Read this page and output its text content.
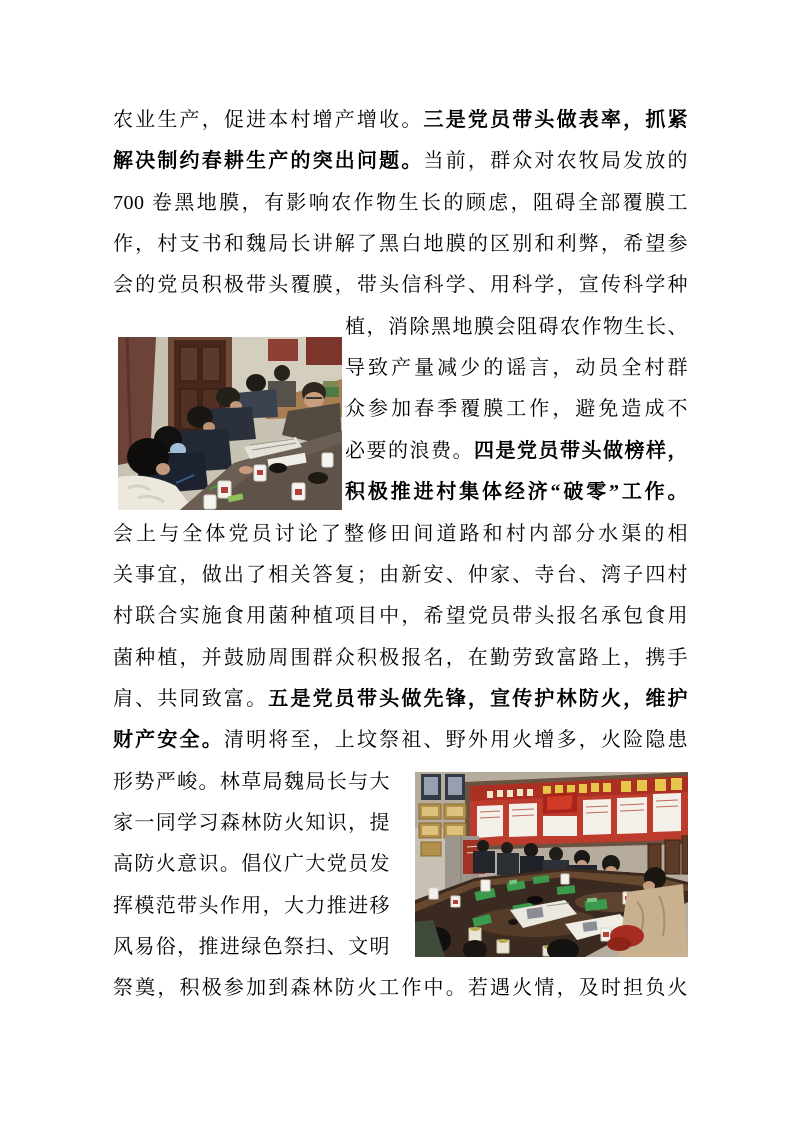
农业生产，促进本村增产增收。三是党员带头做表率，抓紧
解决制约春耕生产的突出问题。当前，群众对农牧局发放的
700 卷黑地膜，有影响农作物生长的顾虑，阻碍全部覆膜工
作，村支书和魏局长讲解了黑白地膜的区别和利弊，希望参
会的党员积极带头覆膜，带头信科学、用科学，宣传科学种
植，消除黑地膜会阻碍农作物生长、
导致产量减少的谣言，动员全村群
众参加春季覆膜工作，避免造成不
必要的浪费。四是党员带头做榜样，
积极推进村集体经济“破零”工作。
会上与全体党员讨论了整修田间道路和村内部分水渠的相
关事宜，做出了相关答复；由新安、仲家、寺台、湾子四村
村联合实施食用菌种植项目中，希望党员带头报名承包食用
菌种植，并鼓励周围群众积极报名，在勤劳致富路上，携手
肩、共同致富。五是党员带头做先锋，宣传护林防火，维护
财产安全。清明将至，上坟祭祖、野外用火增多，火险隐患
形势严峻。林草局魏局长与大
家一同学习森林防火知识，提
高防火意识。倡仪广大党员发
挥模范带头作用，大力推进移
风易俗，推进绿色祭扫、文明
祭奠，积极参加到森林防火工作中。若遇火情，及时担负火
